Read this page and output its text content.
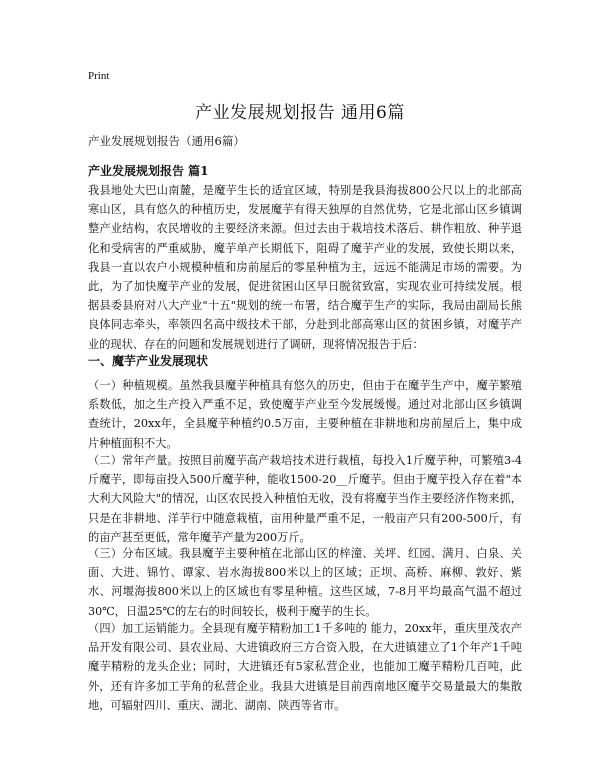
Print
产业发展规划报告 通用6篇
产业发展规划报告（通用6篇）
产业发展规划报告 篇1

我县地处大巴山南麓，是魔芋生长的适宜区域，特别是我县海拔800公尺以上的北部高寒山区，具有悠久的种植历史，发展魔芋有得天独厚的自然优势，它是北部山区乡镇调整产业结构，农民增收的主要经济来源。但过去由于栽培技术落后、耕作粗放、种芋退化和受病害的严重威胁，魔芋单产长期低下，阻碍了魔芋产业的发展，致使长期以来，我县一直以农户小规模种植和房前屋后的零星种植为主，远远不能满足市场的需要。为此，为了加快魔芋产业的发展，促进贫困山区早日脱贫致富，实现农业可持续发展。根据县委县府对八大产业"十五"规划的统一布署，结合魔芋生产的实际，我局由副局长熊良体同志牵头，率领四名高中级技术干部，分赴到北部高寒山区的贫困乡镇，对魔芋产业的现状、存在的问题和发展规划进行了调研，现将情况报告于后：

一、魔芋产业发展现状

（一）种植规模。虽然我县魔芋种植具有悠久的历史，但由于在魔芋生产中，魔芋繁殖系数低，加之生产投入严重不足，致使魔芋产业至今发展缓慢。通过对北部山区乡镇调查统计，20xx年，全县魔芋种植约0.5万亩，主要种植在非耕地和房前屋后上，集中成片种植面积不大。

（二）常年产量。按照目前魔芋高产栽培技术进行栽植，每投入1斤魔芋种，可繁殖3-4斤魔芋，即每亩投入500斤魔芋种，能收1500-20__斤魔芋。但由于魔芋投入存在着"本大利大风险大"的情况，山区农民投入种植怕无收，没有将魔芋当作主要经济作物来抓，只是在非耕地、洋芋行中随意栽植，亩用种量严重不足，一般亩产只有200-500斤，有的亩产甚至更低，常年魔芋产量为200万斤。

（三）分布区域。我县魔芋主要种植在北部山区的梓潼、关坪、红园、满月、白泉、关面、大进、锦竹、谭家、岩水海拔800米以上的区域；正坝、高桥、麻柳、敦好、紫水、河堰海拔800米以上的区域也有零星种植。这些区域，7-8月平均最高气温不超过30℃，日温25℃的左右的时间较长，极利于魔芋的生长。

（四）加工运销能力。全县现有魔芋精粉加工1千多吨的 能力，20xx年，重庆里茂农产品开发有限公司、县农业局、大进镇政府三方合资入股，在大进镇建立了1个年产1千吨魔芋精粉的龙头企业；同时，大进镇还有5家私营企业，也能加工魔芋精粉几百吨，此外，还有许多加工芋角的私营企业。我县大进镇是目前西南地区魔芋交易量最大的集散地，可辐射四川、重庆、湖北、湖南、陕西等省市。
